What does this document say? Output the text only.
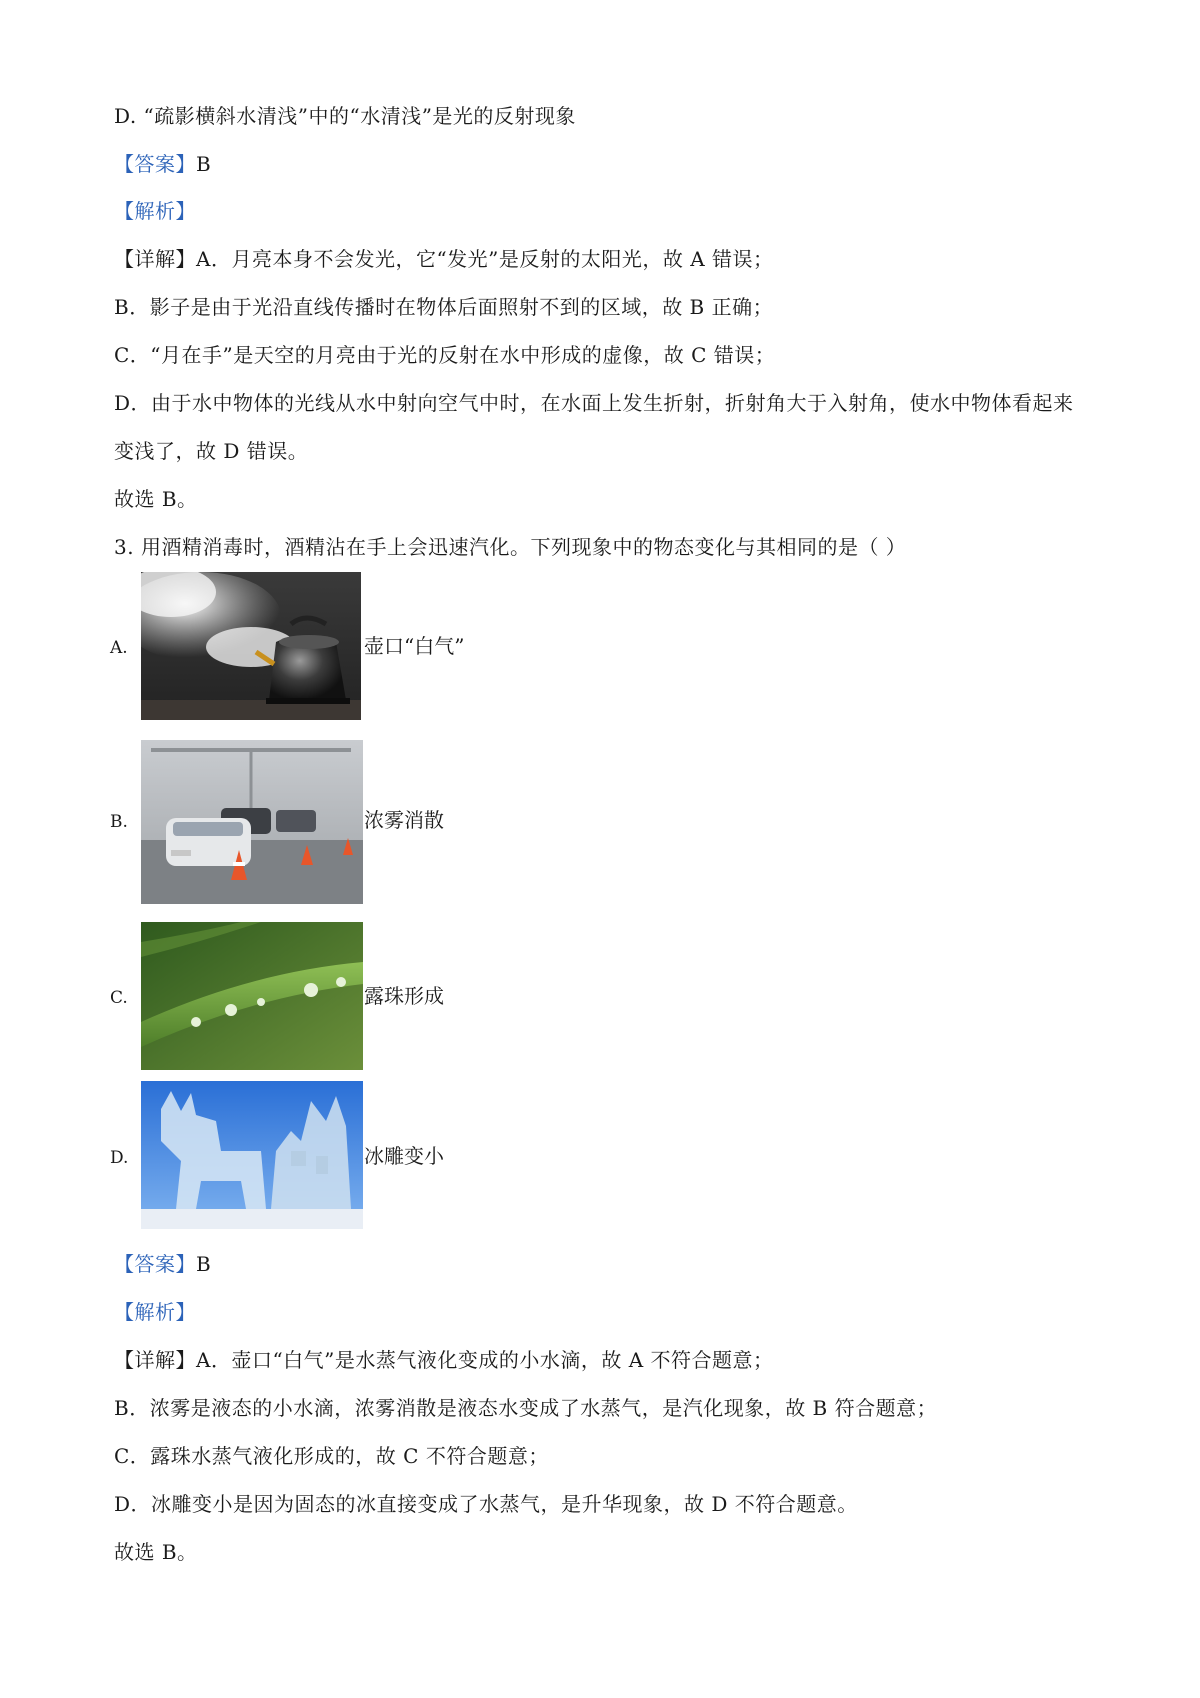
D. “疏影横斜水清浅”中的“水清浅”是光的反射现象
【答案】B
【解析】
【详解】A．月亮本身不会发光，它“发光”是反射的太阳光，故 A 错误；
B．影子是由于光沿直线传播时在物体后面照射不到的区域，故 B 正确；
C．“月在手”是天空的月亮由于光的反射在水中形成的虚像，故 C 错误；
D．由于水中物体的光线从水中射向空气中时，在水面上发生折射，折射角大于入射角，使水中物体看起来
变浅了，故 D 错误。
故选 B。
3. 用酒精消毒时，酒精沾在手上会迅速汽化。下列现象中的物态变化与其相同的是（ ）
A.	壶口“白气”
B.	浓雾消散
C.	露珠形成
D.	冰雕变小
【答案】B
【解析】
【详解】A．壶口“白气”是水蒸气液化变成的小水滴，故 A 不符合题意；
B．浓雾是液态的小水滴，浓雾消散是液态水变成了水蒸气，是汽化现象，故 B 符合题意；
C．露珠水蒸气液化形成的，故 C 不符合题意；
D．冰雕变小是因为固态的冰直接变成了水蒸气，是升华现象，故 D 不符合题意。
故选 B。
